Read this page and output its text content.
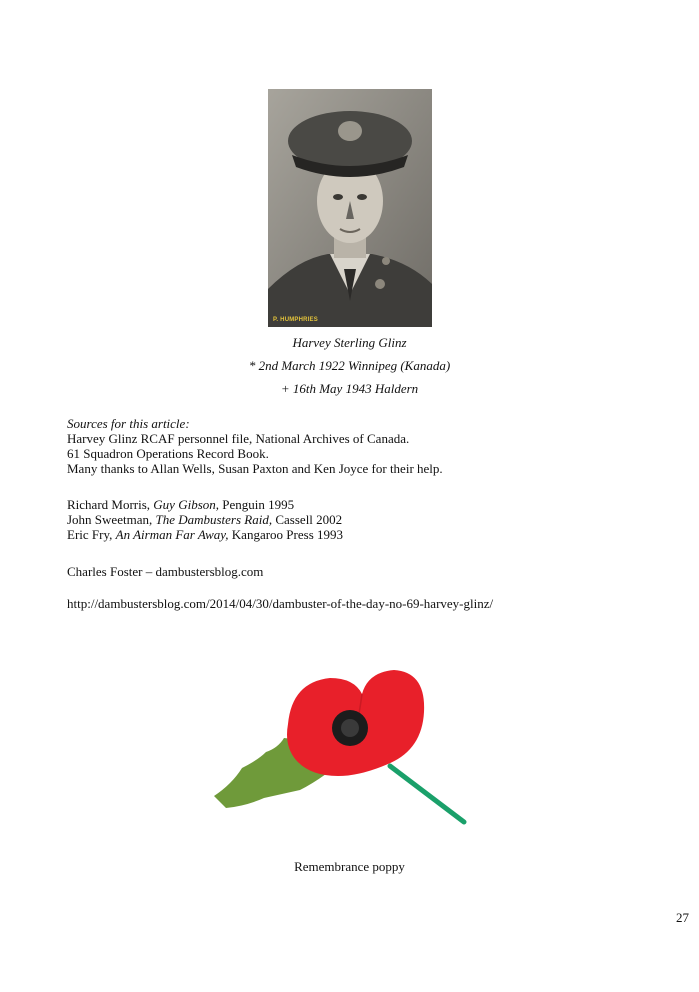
P. HUMPHRIES
Harvey Sterling Glinz
* 2nd March 1922 Winnipeg (Kanada)
+ 16th May 1943 Haldern
Sources for this article:
Harvey Glinz RCAF personnel file, National Archives of Canada.
61 Squadron Operations Record Book.
Many thanks to Allan Wells, Susan Paxton and Ken Joyce for their help.
Richard Morris, Guy Gibson, Penguin 1995
John Sweetman, The Dambusters Raid, Cassell 2002
Eric Fry, An Airman Far Away, Kangaroo Press 1993
Charles Foster – dambustersblog.com
http://dambustersblog.com/2014/04/30/dambuster-of-the-day-no-69-harvey-glinz/
Remembrance poppy
27
